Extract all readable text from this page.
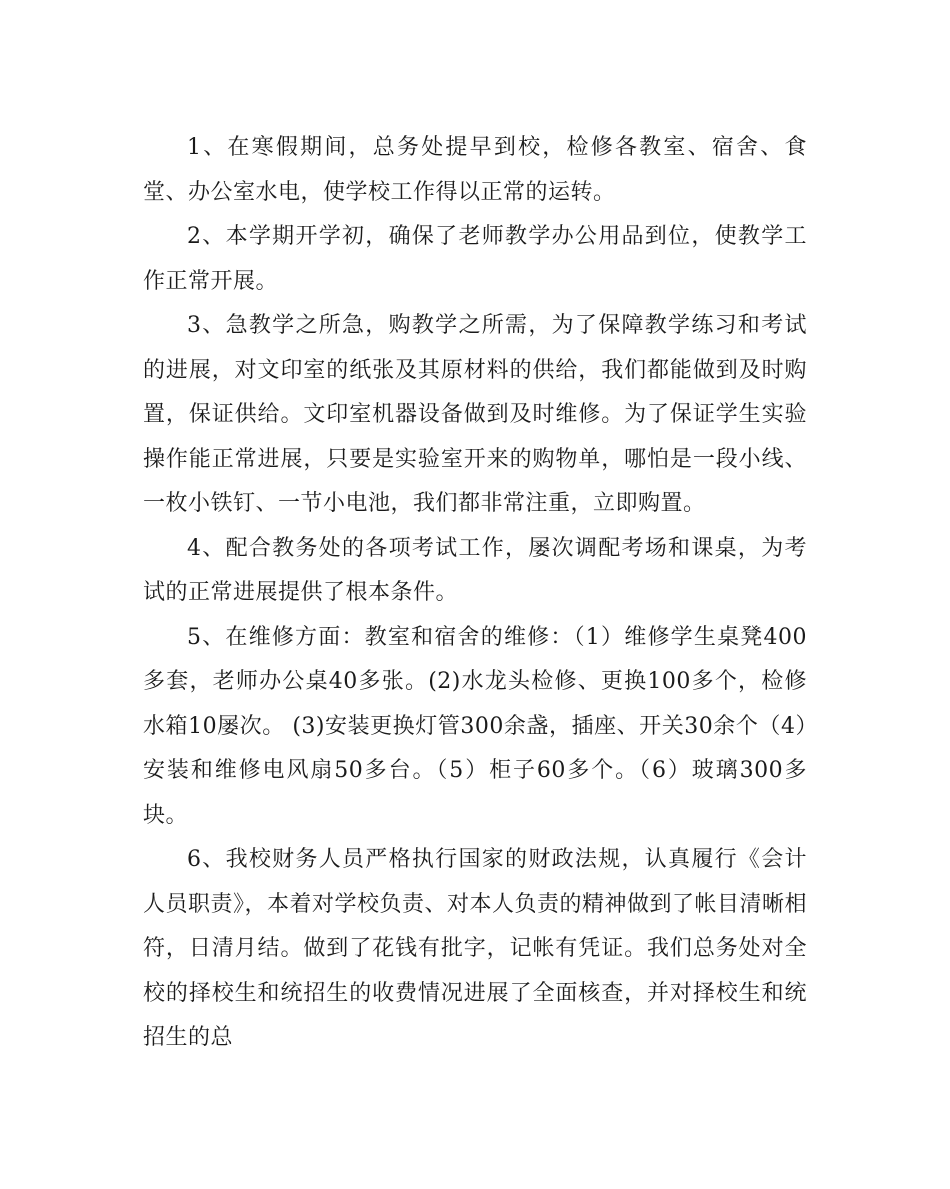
1、在寒假期间，总务处提早到校，检修各教室、宿舍、食堂、办公室水电，使学校工作得以正常的运转。

2、本学期开学初，确保了老师教学办公用品到位，使教学工作正常开展。

3、急教学之所急，购教学之所需，为了保障教学练习和考试的进展，对文印室的纸张及其原材料的供给，我们都能做到及时购置，保证供给。文印室机器设备做到及时维修。为了保证学生实验操作能正常进展，只要是实验室开来的购物单，哪怕是一段小线、一枚小铁钉、一节小电池，我们都非常注重，立即购置。

4、配合教务处的各项考试工作，屡次调配考场和课桌，为考试的正常进展提供了根本条件。

5、在维修方面：教室和宿舍的维修：（1）维修学生桌凳400多套，老师办公桌40多张。(2)水龙头检修、更换100多个，检修水箱10屡次。 (3)安装更换灯管300余盏，插座、开关30余个（4）安装和维修电风扇50多台。（5）柜子60多个。（6）玻璃300多块。

6、我校财务人员严格执行国家的财政法规，认真履行《会计人员职责》，本着对学校负责、对本人负责的精神做到了帐目清晰相符，日清月结。做到了花钱有批字，记帐有凭证。我们总务处对全校的择校生和统招生的收费情况进展了全面核查，并对择校生和统招生的总
